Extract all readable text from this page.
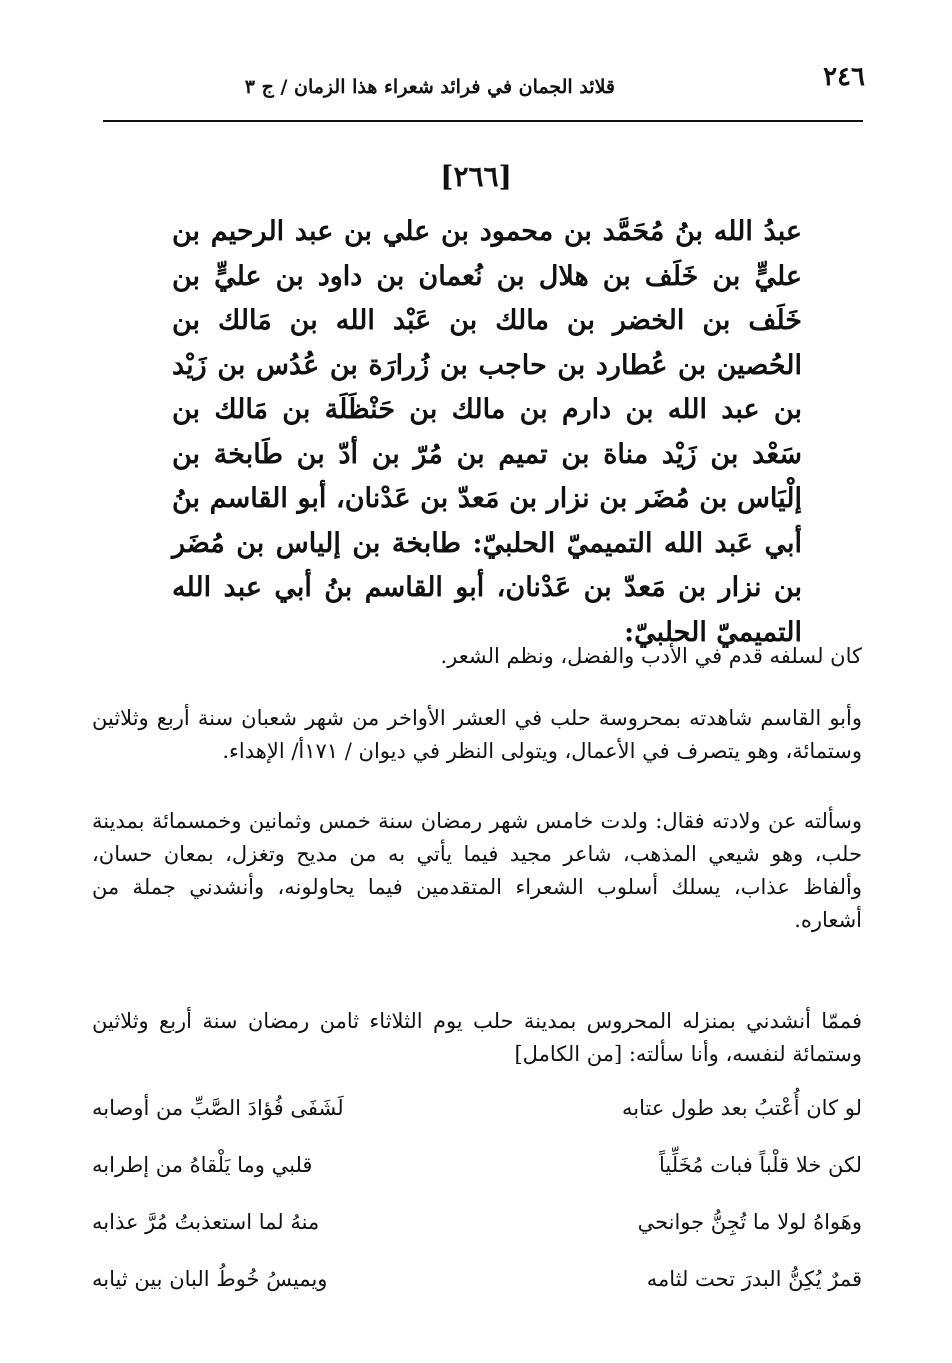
٢٤٦
قلائد الجمان في فرائد شعراء هذا الزمان / ج ٣
[٢٦٦]
عبدُ الله بنُ مُحَمَّد بن محمود بن علي بن عبد الرحيم بن عليٍّ بن خَلَف بن هلال بن نُعمان بن داود بن عليٍّ بن خَلَف بن الخضر بن مالك بن عَبْد الله بن مَالك بن الحُصين بن عُطارد بن حاجب بن زُرارَة بن عُدُس بن زَيْد بن عبد الله بن دارم بن مالك بن حَنْظَلَة بن مَالك بن سَعْد بن زَيْد مناة بن تميم بن مُرّ بن أدّ بن طَابخة بن إلْيَاس بن مُضَر بن نزار بن مَعدّ بن عَدْنان، أبو القاسم بنُ أبي عَبد الله التميميّ الحلبيّ: طابخة بن إلياس بن مُضَر بن نزار بن مَعدّ بن عَدْنان، أبو القاسم بنُ أبي عبد الله التميميّ الحلبيّ:
كان لسلفه قدم في الأدب والفضل، ونظم الشعر.
وأبو القاسم شاهدته بمحروسة حلب في العشر الأواخر من شهر شعبان سنة أربع وثلاثين وستمائة، وهو يتصرف في الأعمال، ويتولى النظر في ديوان / ١٧١أ/ الإهداء.
وسألته عن ولادته فقال: ولدت خامس شهر رمضان سنة خمس وثمانين وخمسمائة بمدينة حلب، وهو شيعي المذهب، شاعر مجيد فيما يأتي به من مديح وتغزل، بمعان حسان، وألفاظ عذاب، يسلك أسلوب الشعراء المتقدمين فيما يحاولونه، وأنشدني جملة من أشعاره.
فممّا أنشدني بمنزله المحروس بمدينة حلب يوم الثلاثاء ثامن رمضان سنة أربع وثلاثين وستمائة لنفسه، وأنا سألته: [من الكامل]
لو كان أُعْتبُ بعد طول عتابه
لَشَفَى فُؤادَ الصَّبِّ من أوصابه
لكن خلا قلْباً فبات مُخَلِّياً
قلبي وما يَلْقاهُ من إطرابه
وهَواهُ لولا ما تُجِنُّ جوانحي
منهُ لما استعذبتُ مُرَّ عذابه
قمرٌ يُكِنُّ البدرَ تحت لثامه
ويميسُ خُوطُ البان بين ثيابه
